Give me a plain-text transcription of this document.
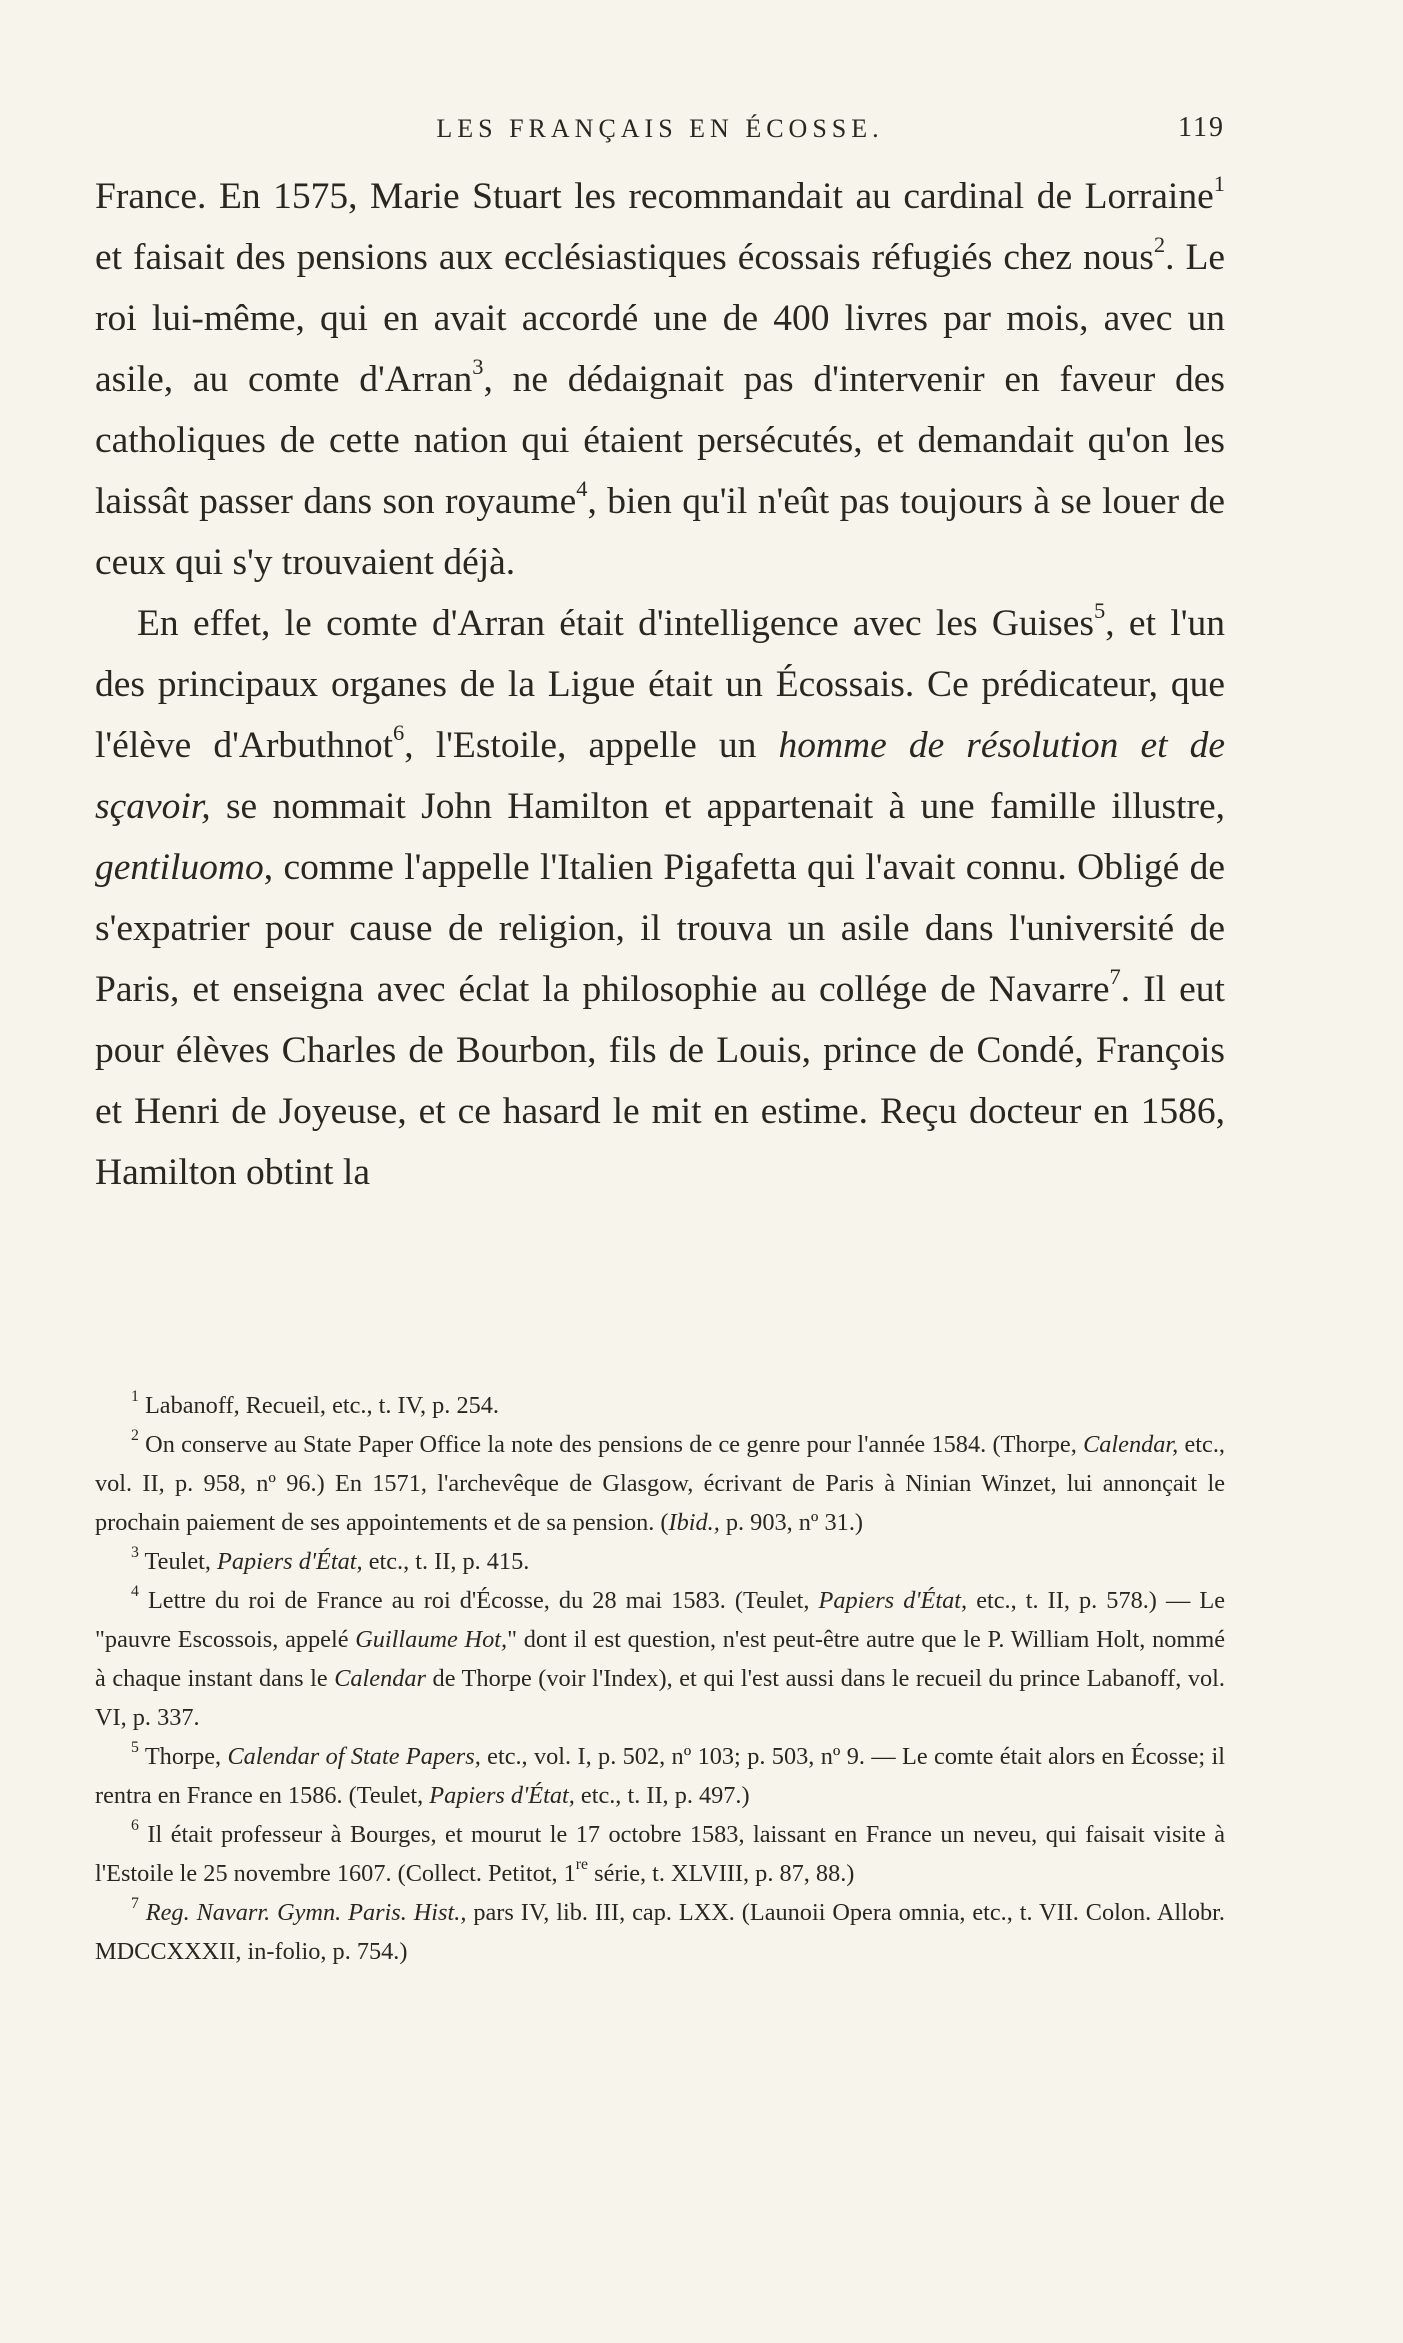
LES FRANÇAIS EN ÉCOSSE.	119

France. En 1575, Marie Stuart les recommandait au cardinal de Lorraine$^1$ et faisait des pensions aux ecclésiastiques écossais réfugiés chez nous$^2$. Le roi lui-même, qui en avait accordé une de 400 livres par mois, avec un asile, au comte d'Arran$^3$, ne dédaignait pas d'intervenir en faveur des catholiques de cette nation qui étaient persécutés, et demandait qu'on les laissât passer dans son royaume$^4$, bien qu'il n'eût pas toujours à se louer de ceux qui s'y trouvaient déjà.

En effet, le comte d'Arran était d'intelligence avec les Guises$^5$, et l'un des principaux organes de la Ligue était un Écossais. Ce prédicateur, que l'élève d'Arbuthnot$^6$, l'Estoile, appelle un homme de résolution et de sçavoir, se nommait John Hamilton et appartenait à une famille illustre, gentiluomo, comme l'appelle l'Italien Pigafetta qui l'avait connu. Obligé de s'expatrier pour cause de religion, il trouva un asile dans l'université de Paris, et enseigna avec éclat la philosophie au collége de Navarre$^7$. Il eut pour élèves Charles de Bourbon, fils de Louis, prince de Condé, François et Henri de Joyeuse, et ce hasard le mit en estime. Reçu docteur en 1586, Hamilton obtint la

$^1$ Labanoff, Recueil, etc., t. IV, p. 254.

$^2$ On conserve au State Paper Office la note des pensions de ce genre pour l'année 1584. (Thorpe, Calendar, etc., vol. II, p. 958, nº 96.) En 1571, l'archevêque de Glasgow, écrivant de Paris à Ninian Winzet, lui annonçait le prochain paiement de ses appointements et de sa pension. (Ibid., p. 903, nº 31.)

$^3$ Teulet, Papiers d'État, etc., t. II, p. 415.

$^4$ Lettre du roi de France au roi d'Écosse, du 28 mai 1583. (Teulet, Papiers d'État, etc., t. II, p. 578.) — Le "pauvre Escossois, appelé Guillaume Hot," dont il est question, n'est peut-être autre que le P. William Holt, nommé à chaque instant dans le Calendar de Thorpe (voir l'Index), et qui l'est aussi dans le recueil du prince Labanoff, vol. VI, p. 337.

$^5$ Thorpe, Calendar of State Papers, etc., vol. I, p. 502, nº 103; p. 503, nº 9. — Le comte était alors en Écosse; il rentra en France en 1586. (Teulet, Papiers d'État, etc., t. II, p. 497.)

$^6$ Il était professeur à Bourges, et mourut le 17 octobre 1583, laissant en France un neveu, qui faisait visite à l'Estoile le 25 novembre 1607. (Collect. Petitot, 1re série, t. XLVIII, p. 87, 88.)

$^7$ Reg. Navarr. Gymn. Paris. Hist., pars IV, lib. III, cap. LXX. (Launoii Opera omnia, etc., t. VII. Colon. Allobr. MDCCXXXII, in-folio, p. 754.)
